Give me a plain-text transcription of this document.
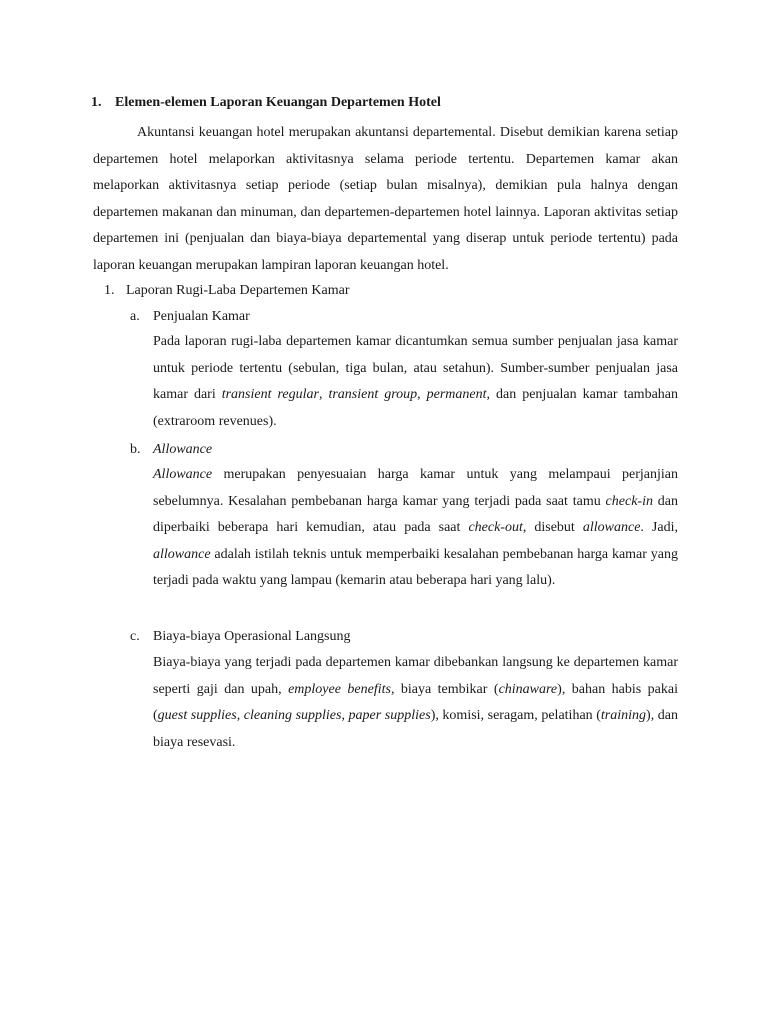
1. Elemen-elemen Laporan Keuangan Departemen Hotel

Akuntansi keuangan hotel merupakan akuntansi departemental. Disebut demikian karena setiap departemen hotel melaporkan aktivitasnya selama periode tertentu. Departemen kamar akan melaporkan aktivitasnya setiap periode (setiap bulan misalnya), demikian pula halnya dengan departemen makanan dan minuman, dan departemen-departemen hotel lainnya. Laporan aktivitas setiap departemen ini (penjualan dan biaya-biaya departemental yang diserap untuk periode tertentu) pada laporan keuangan merupakan lampiran laporan keuangan hotel.

1. Laporan Rugi-Laba Departemen Kamar
a. Penjualan Kamar

Pada laporan rugi-laba departemen kamar dicantumkan semua sumber penjualan jasa kamar untuk periode tertentu (sebulan, tiga bulan, atau setahun). Sumber-sumber penjualan jasa kamar dari transient regular, transient group, permanent, dan penjualan kamar tambahan (extraroom revenues).

b. Allowance

Allowance merupakan penyesuaian harga kamar untuk yang melampaui perjanjian sebelumnya. Kesalahan pembebanan harga kamar yang terjadi pada saat tamu check-in dan diperbaiki beberapa hari kemudian, atau pada saat check-out, disebut allowance. Jadi, allowance adalah istilah teknis untuk memperbaiki kesalahan pembebanan harga kamar yang terjadi pada waktu yang lampau (kemarin atau beberapa hari yang lalu).

c. Biaya-biaya Operasional Langsung

Biaya-biaya yang terjadi pada departemen kamar dibebankan langsung ke departemen kamar seperti gaji dan upah, employee benefits, biaya tembikar (chinaware), bahan habis pakai (guest supplies, cleaning supplies, paper supplies), komisi, seragam, pelatihan (training), dan biaya resevasi.
